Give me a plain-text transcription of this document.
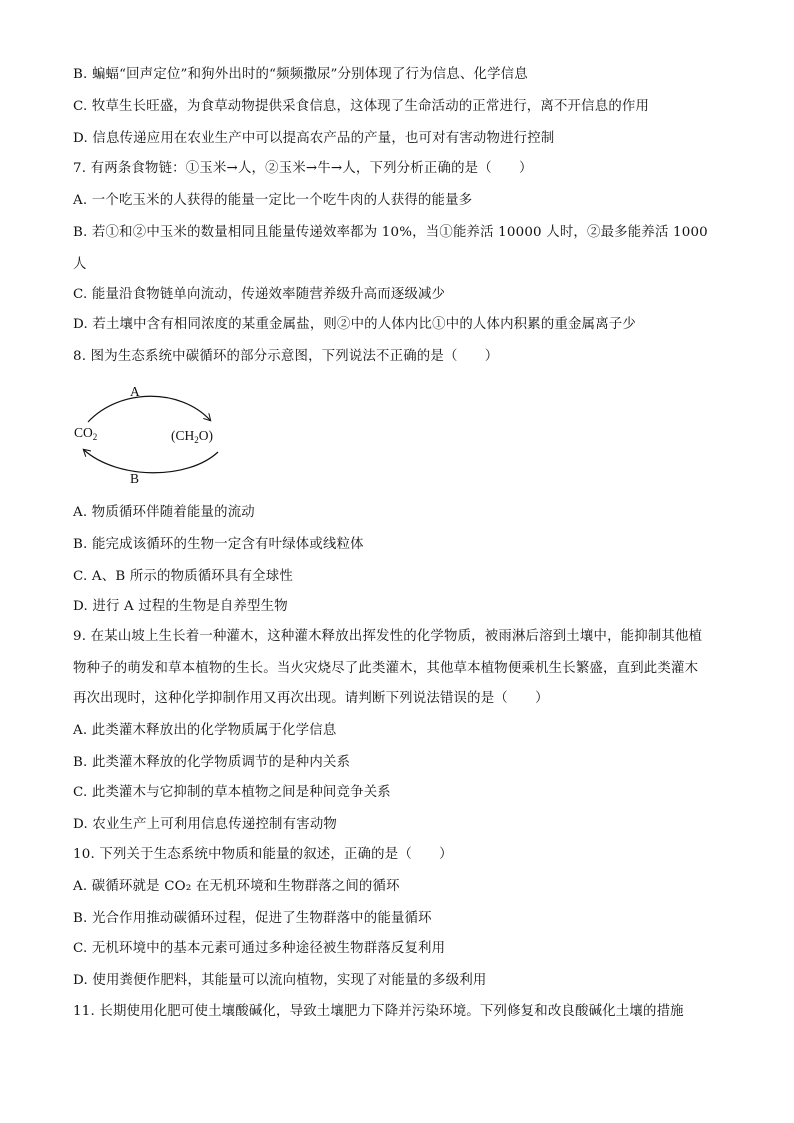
B. 蝙蝠“回声定位”和狗外出时的“频频撒尿”分别体现了行为信息、化学信息
C. 牧草生长旺盛，为食草动物提供采食信息，这体现了生命活动的正常进行，离不开信息的作用
D. 信息传递应用在农业生产中可以提高农产品的产量，也可对有害动物进行控制
7. 有两条食物链：①玉米→人，②玉米→牛→人，下列分析正确的是（　　）
A. 一个吃玉米的人获得的能量一定比一个吃牛肉的人获得的能量多
B. 若①和②中玉米的数量相同且能量传递效率都为 10%，当①能养活 10000 人时，②最多能养活 1000
人
C. 能量沿食物链单向流动，传递效率随营养级升高而逐级减少
D. 若土壤中含有相同浓度的某重金属盐，则②中的人体内比①中的人体内积累的重金属离子少
8. 图为生态系统中碳循环的部分示意图，下列说法不正确的是（　　）
A
B
$CO_2$	$(CH_2O)$
A. 物质循环伴随着能量的流动
B. 能完成该循环的生物一定含有叶绿体或线粒体
C. A、B 所示的物质循环具有全球性
D. 进行 A 过程的生物是自养型生物
9. 在某山坡上生长着一种灌木，这种灌木释放出挥发性的化学物质，被雨淋后溶到土壤中，能抑制其他植
物种子的萌发和草本植物的生长。当火灾烧尽了此类灌木，其他草本植物便乘机生长繁盛，直到此类灌木
再次出现时，这种化学抑制作用又再次出现。请判断下列说法错误的是（　　）
A. 此类灌木释放出的化学物质属于化学信息
B. 此类灌木释放的化学物质调节的是种内关系
C. 此类灌木与它抑制的草本植物之间是种间竞争关系
D. 农业生产上可利用信息传递控制有害动物
10. 下列关于生态系统中物质和能量的叙述，正确的是（　　）
A. 碳循环就是 CO₂ 在无机环境和生物群落之间的循环
B. 光合作用推动碳循环过程，促进了生物群落中的能量循环
C. 无机环境中的基本元素可通过多种途径被生物群落反复利用
D. 使用粪便作肥料，其能量可以流向植物，实现了对能量的多级利用
11. 长期使用化肥可使土壤酸碱化，导致土壤肥力下降并污染环境。下列修复和改良酸碱化土壤的措施
